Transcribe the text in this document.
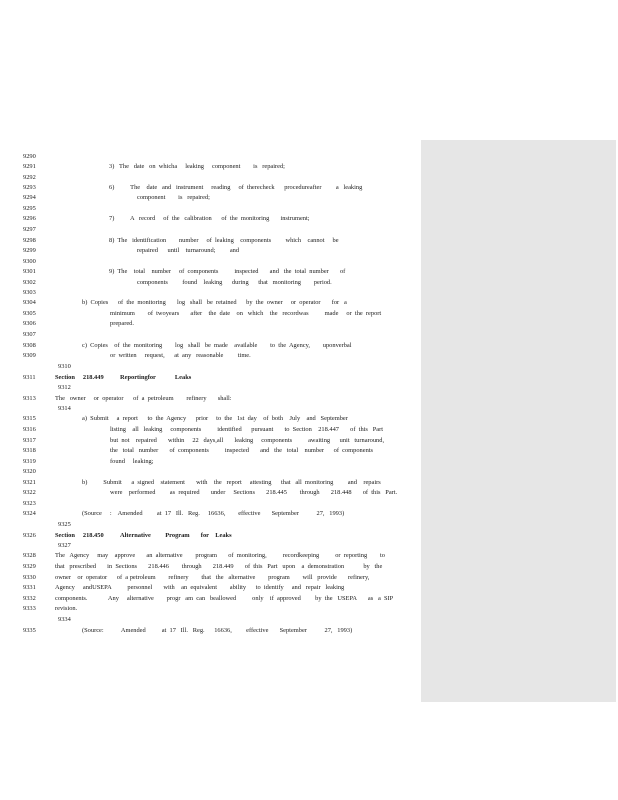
9290
9291
9292
9293
9294
9295
9296
9297
9298
9299
9300
9301
9302
9303
9304
9305
9306
9307
9308
9309
9311
9313
9315
9316
9317
9318
9319
9320
9321
9322
9323
9324
9326
9328
9329
9330
9331
9332
9333
9335
3)   The   date   on  whicha     leaking     component        is   repaired;
6)          The    date   and   instrument     reading     of  therecheck      procedureafter         a   leaking
component        is   repaired;
7)          A   record     of  the   calibration      of  the  monitoring       instrument;
8)  The   identification        number     of  leaking    components         which    cannot     be
repaired      until    turnaround;         and
9)  The    total    number     of  components          inspected       and   the  total  number       of
components         found    leaking      during      that   monitoring        period.
b)  Copies      of  the  monitoring       log   shall   be  retained      by  the  owner     or  operator       for   a
minimum        of  twoyears       after    the  date    on   which    the   recordwas          made     or  the  report
prepared.
c)  Copies    of  the  monitoring        log   shall   be  made    available        to  the  Agency,        uponverbal
or  written     request,      at  any   reasonable         time.
9310
Section     218.449	Reportingfor            Leaks
9312
The   owner     or  operator      of  a  petroleum        refinery       shall:
9314
a)  Submit     a  report      to  the  Agency      prior     to  the   1st  day    of  both    July    and   September
listing    all   leaking     components          identified      pursuant       to  Section    218.447       of  this   Part
but  not    repaired       within     22   days,all       leaking     components          awaiting      unit   turnaround,
the   total   number       of  components          inspected       and   the   total    number      of  components
found     leaking;
b)          Submit      a  signed    statement       with    the   report     attesting      that   all  monitoring         and    repairs
were    performed         as  required       under     Sections       218.445        through       218.448       of  this   Part.
(Source     :    Amended         at  17   Ill.   Reg.     16636,        effective       September           27,   1993)
9325
Section     218.450	Alternative         Program       for    Leaks
9327
The   Agency     may    approve       an  alternative        program       of  monitoring,          recordkeeping          or  reporting        to
that   prescribed       in  Sections       218.446        through       218.449       of  this   Part   upon    a  demonstration            by   the
owner    or  operator      of  a petroleum        refinery        that   the   alternative        program        will   provide       refinery,
Agency     andUSEPA          personnel       with    an  equivalent        ability      to  identify     and   repair   leaking
components.             Any     alternative        progr   am  can   beallowed          only    if  approved         by  the   USEPA       as   a  SIP
revision.
9334
(Source:           Amended          at  17   Ill.   Reg.      16636,         effective       September           27,   1993)
